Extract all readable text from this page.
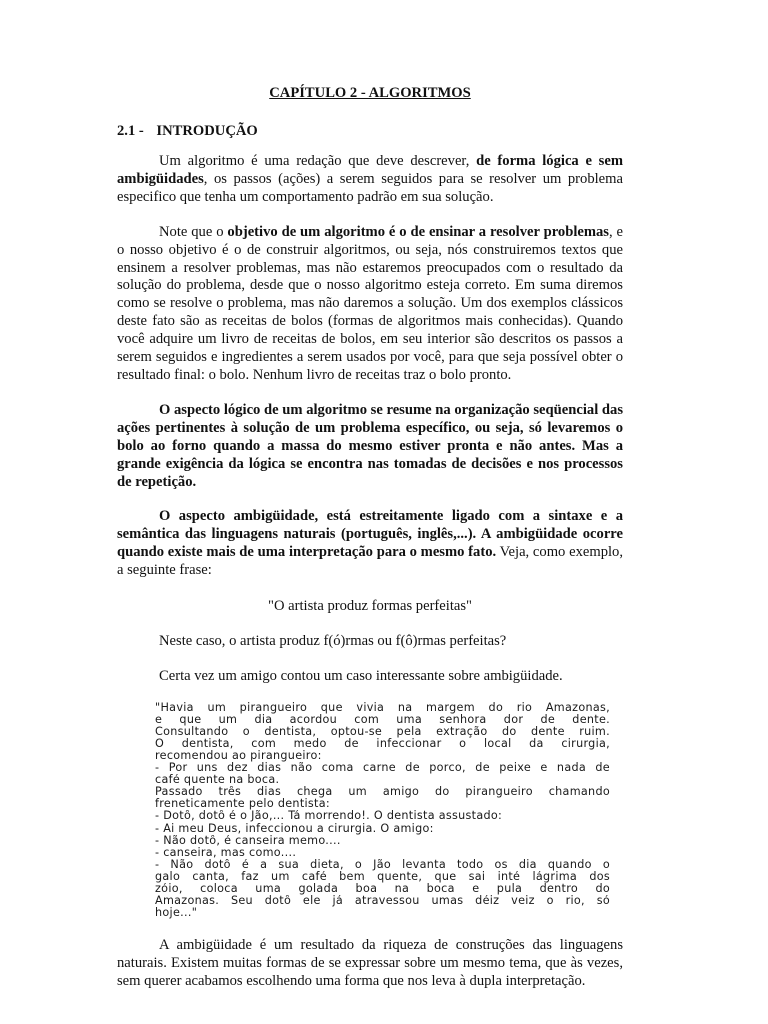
CAPÍTULO 2 - ALGORITMOS
2.1 - INTRODUÇÃO

Um algoritmo é uma redação que deve descrever, de forma lógica e sem ambigüidades, os passos (ações) a serem seguidos para se resolver um problema especifico que tenha um comportamento padrão em sua solução.

Note que o objetivo de um algoritmo é o de ensinar a resolver problemas, e o nosso objetivo é o de construir algoritmos, ou seja, nós construiremos textos que ensinem a resolver problemas, mas não estaremos preocupados com o resultado da solução do problema, desde que o nosso algoritmo esteja correto. Em suma diremos como se resolve o problema, mas não daremos a solução. Um dos exemplos clássicos deste fato são as receitas de bolos (formas de algoritmos mais conhecidas). Quando você adquire um livro de receitas de bolos, em seu interior são descritos os passos a serem seguidos e ingredientes a serem usados por você, para que seja possível obter o resultado final: o bolo. Nenhum livro de receitas traz o bolo pronto.

O aspecto lógico de um algoritmo se resume na organização seqüencial das ações pertinentes à solução de um problema específico, ou seja, só levaremos o bolo ao forno quando a massa do mesmo estiver pronta e não antes. Mas a grande exigência da lógica se encontra nas tomadas de decisões e nos processos de repetição.

O aspecto ambigüidade, está estreitamente ligado com a sintaxe e a semântica das linguagens naturais (português, inglês,...). A ambigüidade ocorre quando existe mais de uma interpretação para o mesmo fato. Veja, como exemplo, a seguinte frase:

"O artista produz formas perfeitas"

Neste caso, o artista produz f(ó)rmas ou f(ô)rmas perfeitas?

Certa vez um amigo contou um caso interessante sobre ambigüidade.

"Havia um pirangueiro que vivia na margem do rio Amazonas,
e que um dia acordou com uma senhora dor de dente.
Consultando o dentista, optou-se pela extração do dente ruim.
O dentista, com medo de infeccionar o local da cirurgia,
recomendou ao pirangueiro:
- Por uns dez dias não coma carne de porco, de peixe e nada de
café quente na boca.
Passado três dias chega um amigo do pirangueiro chamando
freneticamente pelo dentista:
- Dotô, dotô é o Jão,... Tá morrendo!. O dentista assustado:
- Ai meu Deus, infeccionou a cirurgia. O amigo:
- Não dotô, é canseira memo....
- canseira, mas como....
- Não dotô é a sua dieta, o Jão levanta todo os dia quando o
galo canta, faz um café bem quente, que sai inté lágrima dos
zóio, coloca uma golada boa na boca e pula dentro do
Amazonas. Seu dotô ele já atravessou umas déiz veiz o rio, só
hoje..."

A ambigüidade é um resultado da riqueza de construções das linguagens naturais. Existem muitas formas de se expressar sobre um mesmo tema, que às vezes, sem querer acabamos escolhendo uma forma que nos leva à dupla interpretação.
